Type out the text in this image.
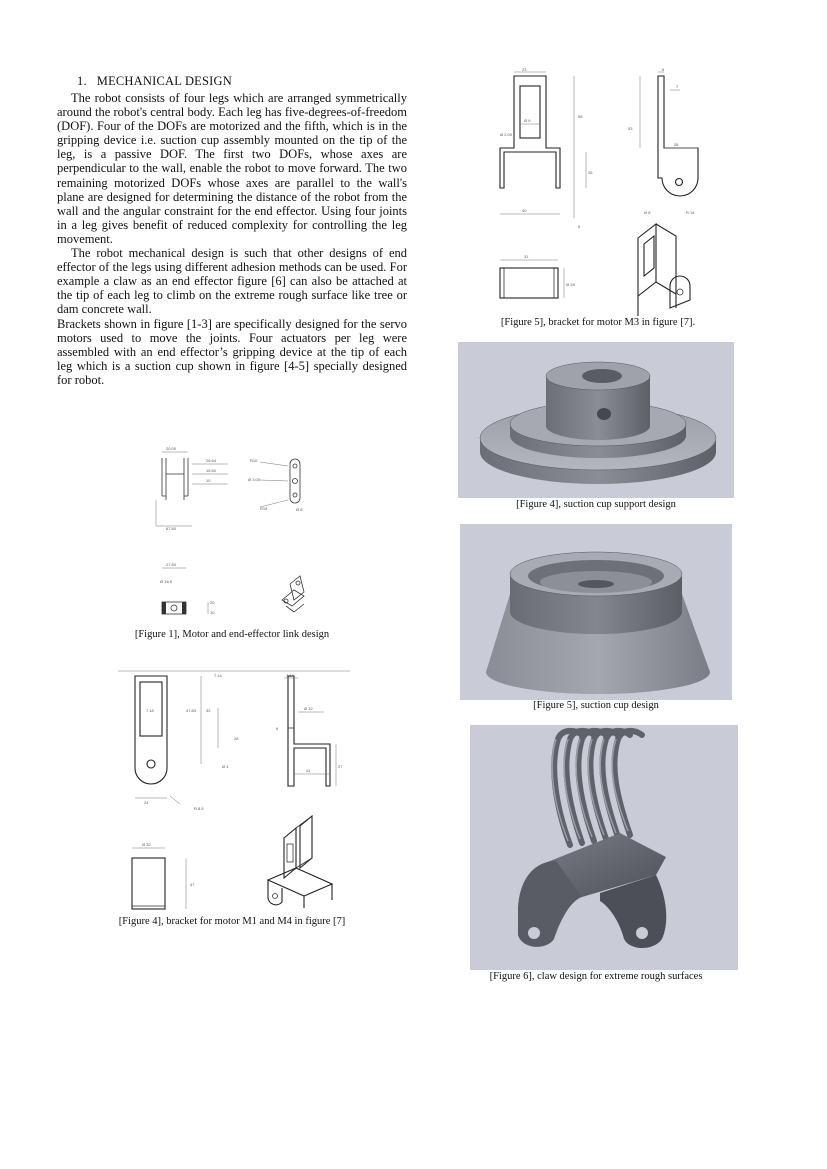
1.   MECHANICAL DESIGN

The robot consists of four legs which are arranged symmetrically around the robot's central body. Each leg has five-degrees-of-freedom (DOF). Four of the DOFs are motorized and the fifth, which is in the gripping device i.e. suction cup assembly mounted on the tip of the leg, is a passive DOF. The first two DOFs, whose axes are perpendicular to the wall, enable the robot to move forward. The two remaining motorized DOFs whose axes are parallel to the wall's plane are designed for determining the distance of the robot from the wall and the angular constraint for the end effector. Using four joints in a leg gives benefit of reduced complexity for controlling the leg movement.

The robot mechanical design is such that other designs of end effector of the legs using different adhesion methods can be used. For example a claw as an end effector figure [6] can also be attached at the tip of each leg to climb on the extreme rough surface like tree or dam concrete wall.

Brackets shown in figure [1-3] are specifically designed for the servo motors used to move the joints. Four actuators per leg were assembled with an end effector’s gripping device at the tip of each leg which is a suction cup shown in figure [4-5] specially designed for robot.

20.00
26.64
15.60
10
67.60
R10
Ø 3.00
Ø 8
R15
27.60
Ø 16.5
20
10
[Figure 1], Motor and end-effector link design
7.14
7.18	32
47.83
28
Ø 4
24
R 8.5
7.14
Ø 32
41
27
6
Ø 32
47
[Figure 4], bracket for motor M1 and M4 in figure [7]
23
Ø 9
Ø 2.00
58
25
40
5
5
7
53
28
Ø 6	R 14
31
Ø 28
[Figure 5], bracket for motor M3 in figure [7].
[Figure 4], suction cup support design
[Figure 5], suction cup design
[Figure 6], claw design for extreme rough surfaces
